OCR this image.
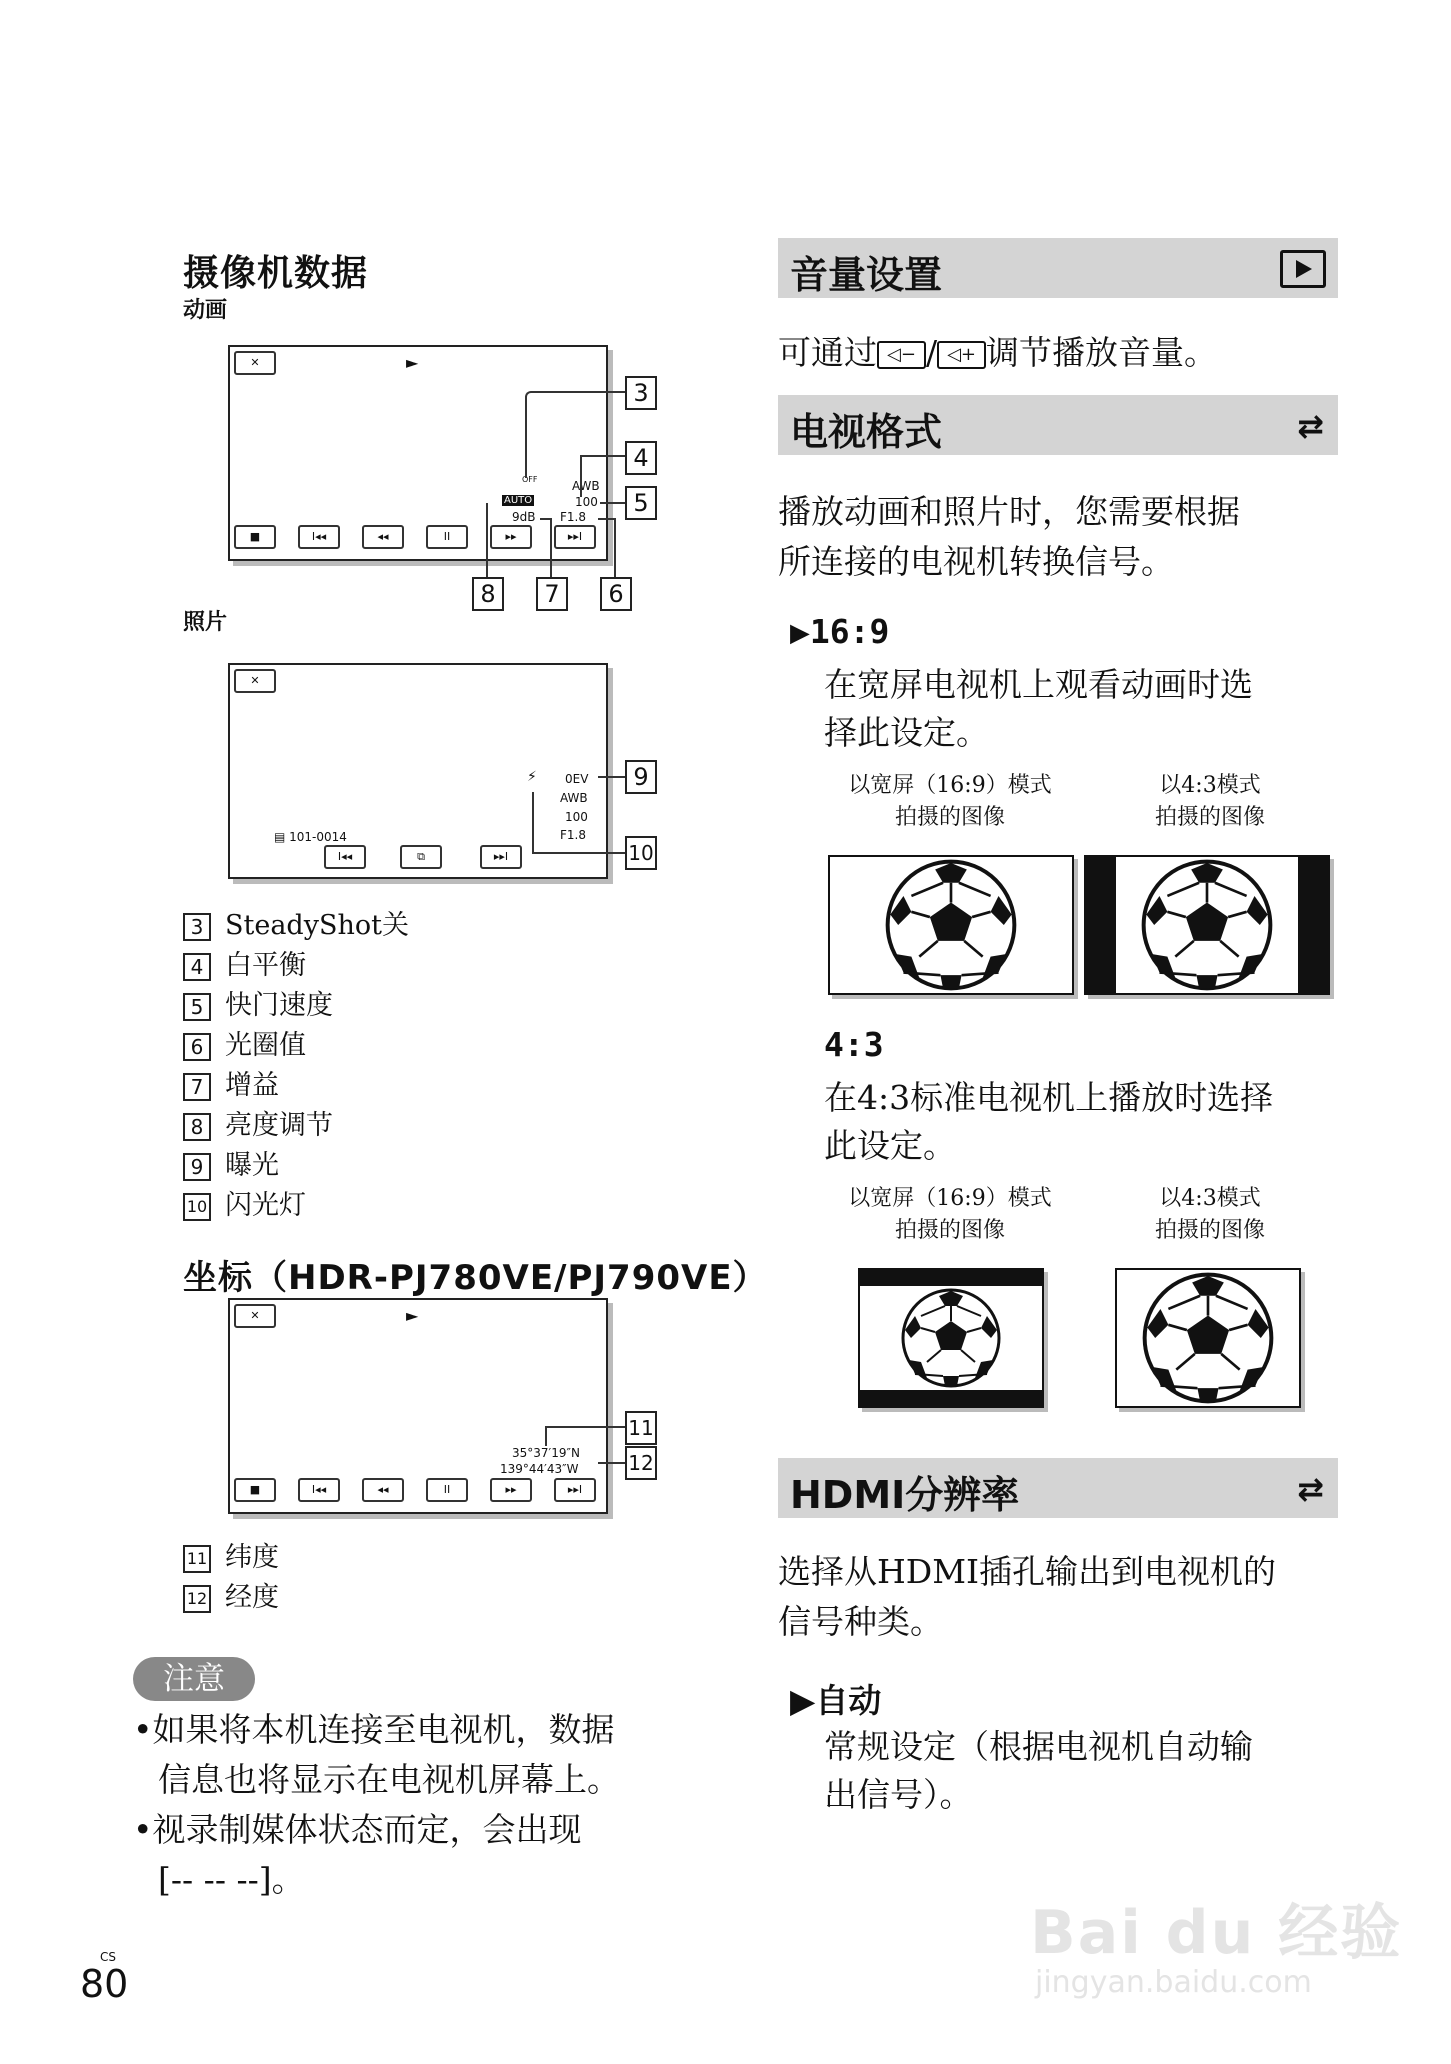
摄像机数据
动画
✕	►
OFF	AWB
AUTO	100
9dB F1.8
■	I◂◂	◂◂	II	▸▸	▸▸I
3
4
5
6
7
8
照片
✕
⚡ 0EV
AWB
100
F1.8
▤ 101-0014
I◂◂	⧉	▸▸I
9
10
3 SteadyShot关
4 白平衡
5 快门速度
6 光圈值
7 增益
8 亮度调节
9 曝光
10 闪光灯
坐标（HDR-PJ780VE/PJ790VE）
✕	►
35°37′19″N
139°44′43″W
■	I◂◂	◂◂	II	▸▸	▸▸I
11
12
11 纬度
12 经度
注意
•如果将本机连接至电视机，数据
信息也将显示在电视机屏幕上。
•视录制媒体状态而定，会出现
[-- -- --]。
CS
80
音量设置
可通过 ◁− / ◁+ 调节播放音量。
电视格式	⇄
播放动画和照片时，您需要根据
所连接的电视机转换信号。
▶16:9
在宽屏电视机上观看动画时选
择此设定。
以宽屏（16:9）模式
拍摄的图像
以4:3模式
拍摄的图像
4:3
在4:3标准电视机上播放时选择
此设定。
以宽屏（16:9）模式
拍摄的图像
以4:3模式
拍摄的图像
HDMI分辨率	⇄
选择从HDMI插孔输出到电视机的
信号种类。
▶自动
常规设定（根据电视机自动输
出信号）。
Bai du 经验
jingyan.baidu.com
